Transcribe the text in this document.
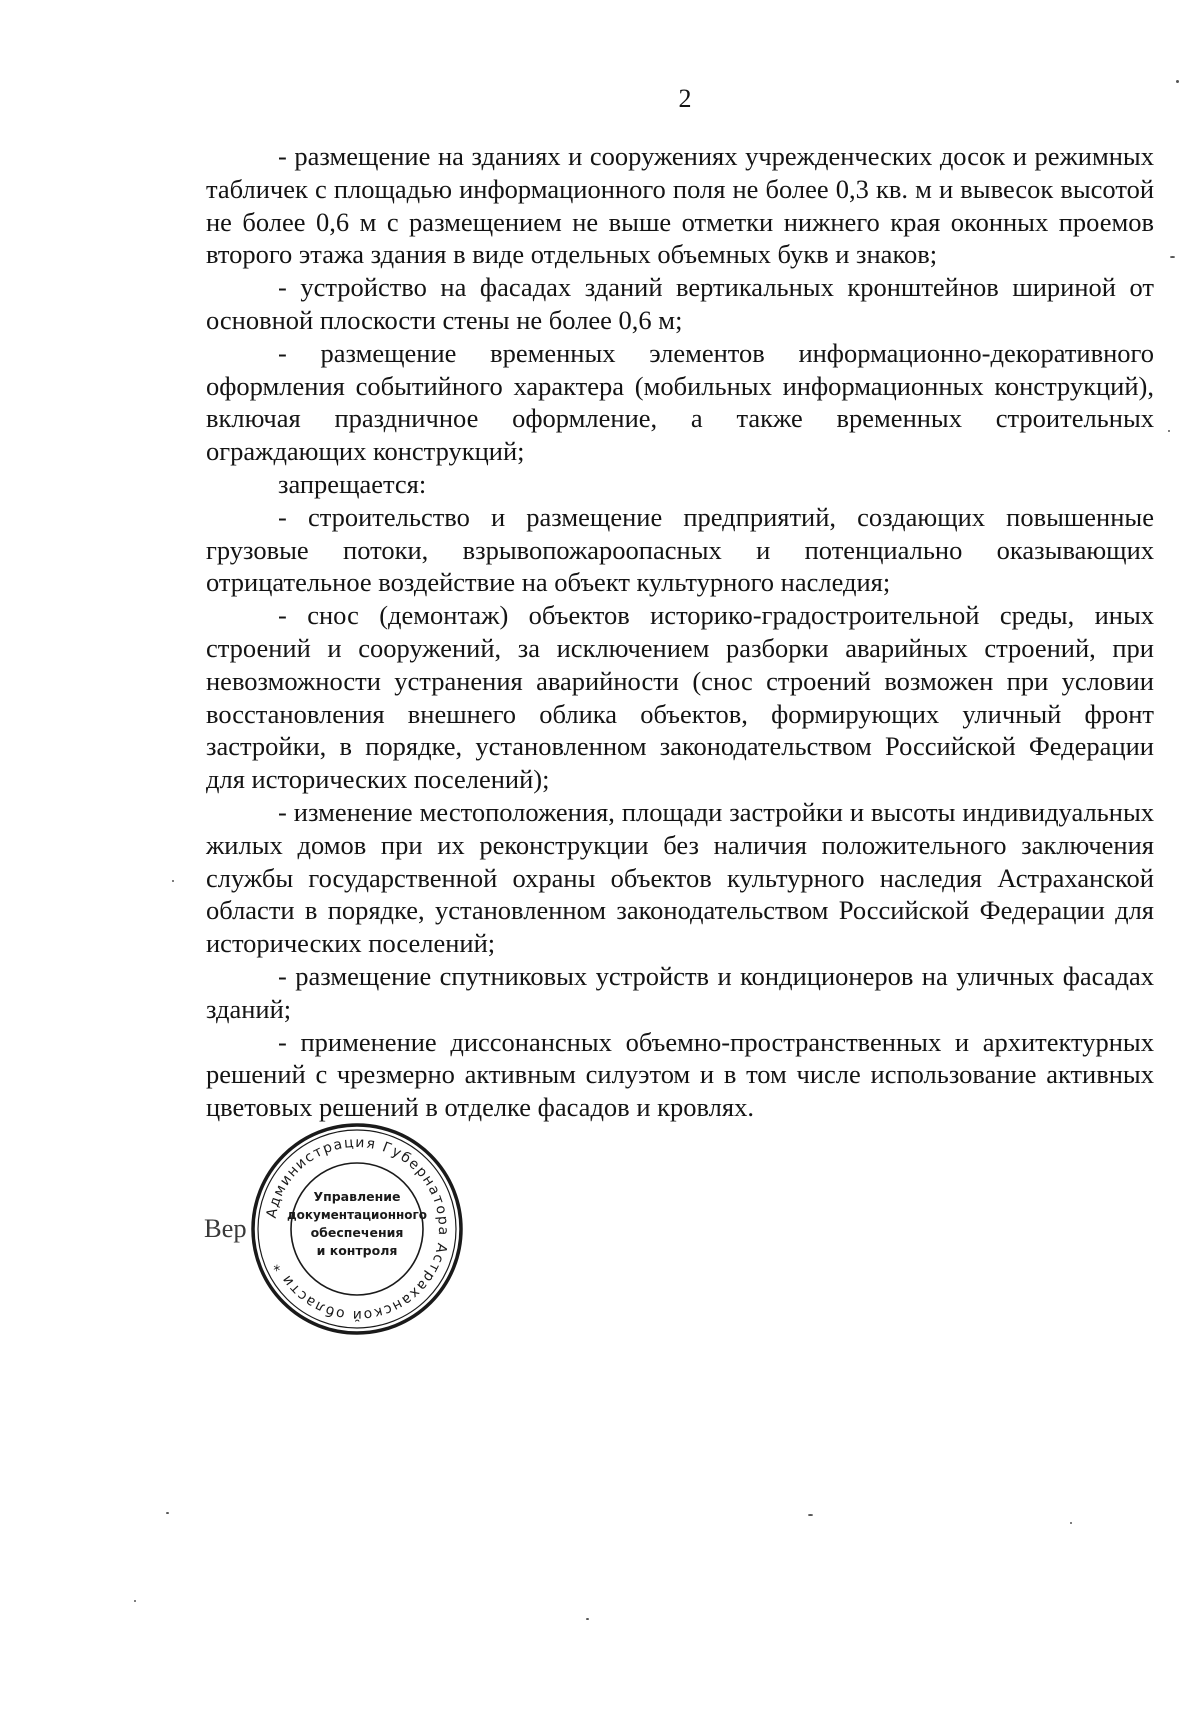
2

- размещение на зданиях и сооружениях учрежденческих досок и режимных табличек с площадью информационного поля не более 0,3 кв. м и вывесок высотой не более 0,6 м с размещением не выше отметки нижнего края оконных проемов второго этажа здания в виде отдельных объемных букв и знаков;

- устройство на фасадах зданий вертикальных кронштейнов шириной от основной плоскости стены не более 0,6 м;

- размещение временных элементов информационно-декоративного оформления событийного характера (мобильных информационных конструкций), включая праздничное оформление, а также временных строительных ограждающих конструкций;

запрещается:

- строительство и размещение предприятий, создающих повышенные грузовые потоки, взрывопожароопасных и потенциально оказывающих отрицательное воздействие на объект культурного наследия;

- снос (демонтаж) объектов историко-градостроительной среды, иных строений и сооружений, за исключением разборки аварийных строений, при невозможности устранения аварийности (снос строений возможен при условии восстановления внешнего облика объектов, формирующих уличный фронт застройки, в порядке, установленном законодательством Российской Федерации для исторических поселений);

- изменение местоположения, площади застройки и высоты индивидуальных жилых домов при их реконструкции без наличия положительного заключения службы государственной охраны объектов культурного наследия Астраханской области в порядке, установленном законодательством Российской Федерации для исторических поселений;

- размещение спутниковых устройств и кондиционеров на уличных фасадах зданий;

- применение диссонансных объемно-пространственных и архитектурных решений с чрезмерно активным силуэтом и в том числе использование активных цветовых решений в отделке фасадов и кровлях.

Вер
Администрация Губернатора Астраханской области *
Управление
документационного
обеспечения
и контроля
